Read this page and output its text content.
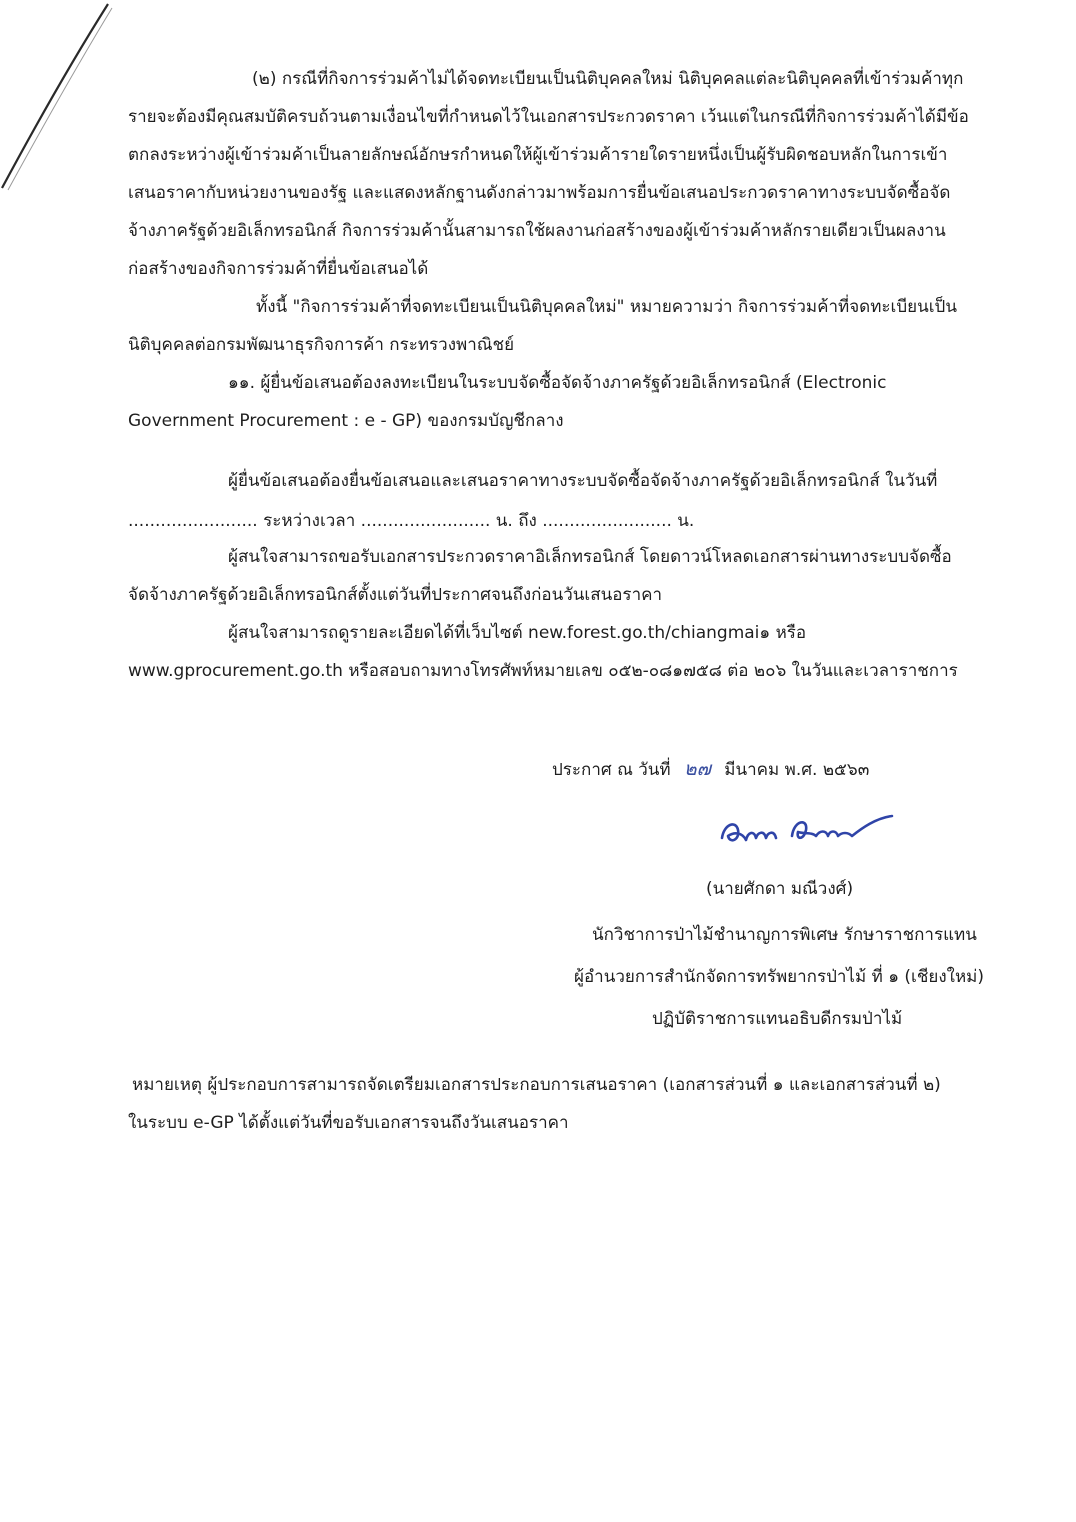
(๒) กรณีที่กิจการร่วมค้าไม่ได้จดทะเบียนเป็นนิติบุคคลใหม่ นิติบุคคลแต่ละนิติบุคคลที่เข้าร่วมค้าทุก
รายจะต้องมีคุณสมบัติครบถ้วนตามเงื่อนไขที่กำหนดไว้ในเอกสารประกวดราคา เว้นแต่ในกรณีที่กิจการร่วมค้าได้มีข้อ
ตกลงระหว่างผู้เข้าร่วมค้าเป็นลายลักษณ์อักษรกำหนดให้ผู้เข้าร่วมค้ารายใดรายหนึ่งเป็นผู้รับผิดชอบหลักในการเข้า
เสนอราคากับหน่วยงานของรัฐ และแสดงหลักฐานดังกล่าวมาพร้อมการยื่นข้อเสนอประกวดราคาทางระบบจัดซื้อจัด
จ้างภาครัฐด้วยอิเล็กทรอนิกส์ กิจการร่วมค้านั้นสามารถใช้ผลงานก่อสร้างของผู้เข้าร่วมค้าหลักรายเดียวเป็นผลงาน
ก่อสร้างของกิจการร่วมค้าที่ยื่นข้อเสนอได้
ทั้งนี้ "กิจการร่วมค้าที่จดทะเบียนเป็นนิติบุคคลใหม่" หมายความว่า กิจการร่วมค้าที่จดทะเบียนเป็น
นิติบุคคลต่อกรมพัฒนาธุรกิจการค้า กระทรวงพาณิชย์
๑๑. ผู้ยื่นข้อเสนอต้องลงทะเบียนในระบบจัดซื้อจัดจ้างภาครัฐด้วยอิเล็กทรอนิกส์ (Electronic
Government Procurement : e - GP) ของกรมบัญชีกลาง
ผู้ยื่นข้อเสนอต้องยื่นข้อเสนอและเสนอราคาทางระบบจัดซื้อจัดจ้างภาครัฐด้วยอิเล็กทรอนิกส์ ในวันที่
........................ ระหว่างเวลา ........................ น. ถึง ........................ น.
ผู้สนใจสามารถขอรับเอกสารประกวดราคาอิเล็กทรอนิกส์ โดยดาวน์โหลดเอกสารผ่านทางระบบจัดซื้อ
จัดจ้างภาครัฐด้วยอิเล็กทรอนิกส์ตั้งแต่วันที่ประกาศจนถึงก่อนวันเสนอราคา
ผู้สนใจสามารถดูรายละเอียดได้ที่เว็บไซต์ new.forest.go.th/chiangmai๑ หรือ
www.gprocurement.go.th หรือสอบถามทางโทรศัพท์หมายเลข ๐๕๒-๐๘๑๗๕๘ ต่อ ๒๐๖ ในวันและเวลาราชการ
ประกาศ ณ วันที่ ๒๗ มีนาคม พ.ศ. ๒๕๖๓
(นายศักดา มณีวงศ์)
นักวิชาการป่าไม้ชำนาญการพิเศษ รักษาราชการแทน
ผู้อำนวยการสำนักจัดการทรัพยากรป่าไม้ ที่ ๑ (เชียงใหม่)
ปฏิบัติราชการแทนอธิบดีกรมป่าไม้
หมายเหตุ ผู้ประกอบการสามารถจัดเตรียมเอกสารประกอบการเสนอราคา (เอกสารส่วนที่ ๑ และเอกสารส่วนที่ ๒)
ในระบบ e-GP ได้ตั้งแต่วันที่ขอรับเอกสารจนถึงวันเสนอราคา
